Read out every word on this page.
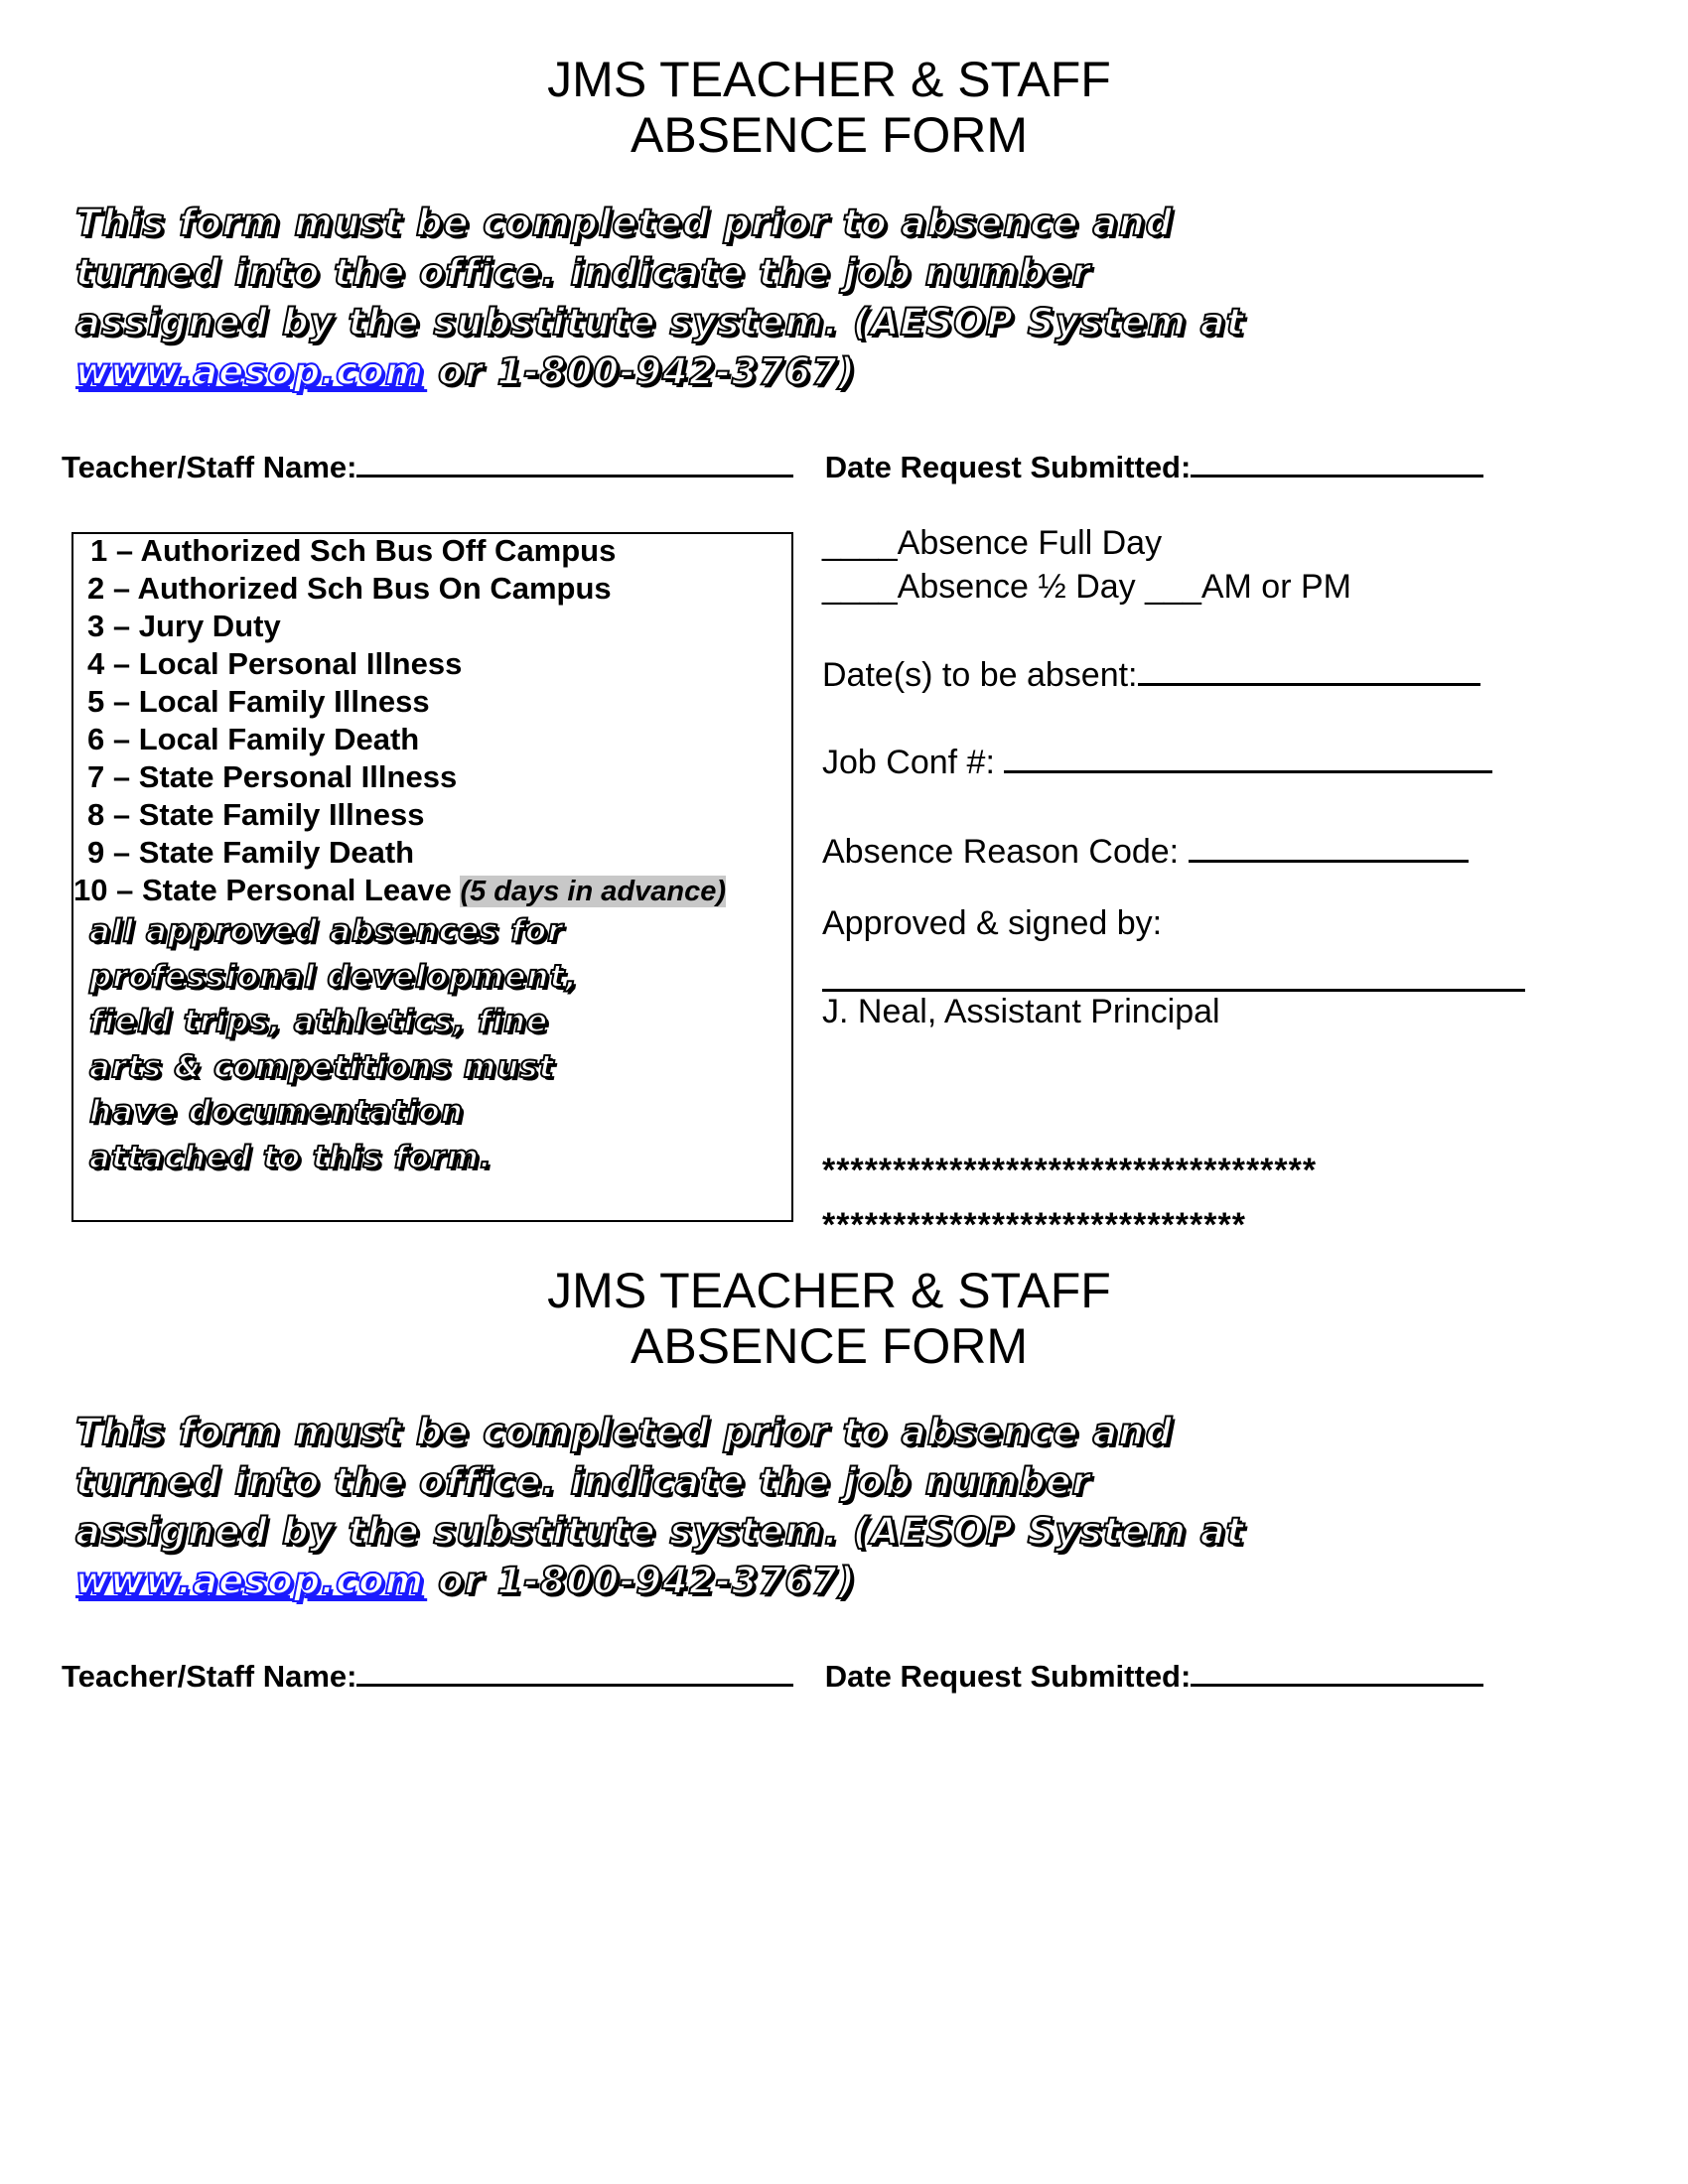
JMS TEACHER & STAFF
ABSENCE FORM
This form must be completed prior to absence and
turned into the office. indicate the job number
assigned by the substitute system. (AESOP System at
www.aesop.com or 1-800-942-3767)
Teacher/Staff Name:	Date Request Submitted:
1 – Authorized Sch Bus Off Campus
2 – Authorized Sch Bus On Campus
3 – Jury Duty
4 – Local Personal Illness
5 – Local Family Illness
6 – Local Family Death
7 – State Personal Illness
8 – State Family Illness
9 – State Family Death
10 – State Personal Leave (5 days in advance)
all approved absences for
professional development,
field trips, athletics, fine
arts & competitions must
have documentation
attached to this form.
____Absence Full Day
____Absence ½ Day ___AM or PM
Date(s) to be absent:
Job Conf #:
Absence Reason Code:
Approved & signed by:
J. Neal, Assistant Principal
***********************************
******************************
JMS TEACHER & STAFF
ABSENCE FORM
This form must be completed prior to absence and
turned into the office. indicate the job number
assigned by the substitute system. (AESOP System at
www.aesop.com or 1-800-942-3767)
Teacher/Staff Name:	Date Request Submitted:
